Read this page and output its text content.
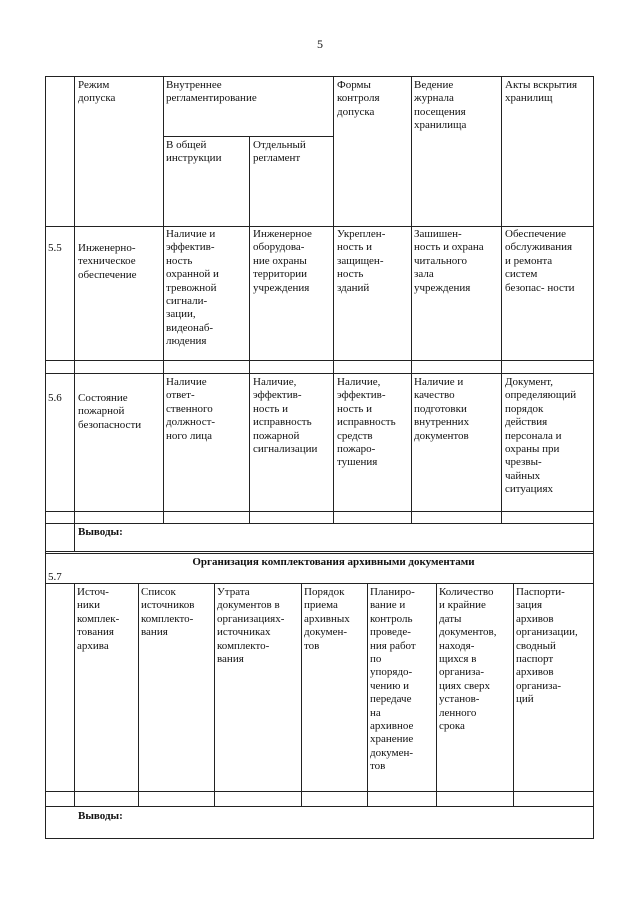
5
Режим
допуска
Внутреннее
регламентирование
Формы
контроля
допуска
Ведение
журнала
посещения
хранилища
Акты вскрытия
хранилищ
В общей
инструкции
Отдельный
регламент
5.5	Инженерно-
техническое
обеспечение
Наличие и
эффектив-
ность
охранной и
тревожной
сигнали-
зации,
видеонаб-
людения
Инженерное
оборудова-
ние охраны
территории
учреждения
Укреплен-
ность и
защищен-
ность
зданий
Зашишен-
ность и охрана
читального
зала
учреждения
Обеспечение
обслуживания
и ремонта
систем
безопас- ности
5.6	Состояние
пожарной
безопасности
Наличие
ответ-
ственного
должност-
ного лица
Наличие,
эффектив-
ность и
исправность
пожарной
сигнализации
Наличие,
эффектив-
ность и
исправность
средств
пожаро-
тушения
Наличие и
качество
подготовки
внутренних
документов
Документ,
определяющий
порядок
действия
персонала и
охраны при
чрезвы-
чайных
ситуациях
Выводы:
Организация комплектования архивными документами
5.7
Источ-
ники
комплек-
тования
архива
Список
источников
комплекто-
вания
Утрата
документов в
организациях-
источниках
комплекто-
вания
Порядок
приема
архивных
докумен-
тов
Планиро-
вание и
контроль
проведе-
ния работ
по
упорядо-
чению и
передаче
на
архивное
хранение
докумен-
тов
Количество
и крайние
даты
документов,
находя-
щихся в
организа-
циях сверх
установ-
ленного
срока
Паспорти-
зация
архивов
организации,
сводный
паспорт
архивов
организа-
ций
Выводы:
